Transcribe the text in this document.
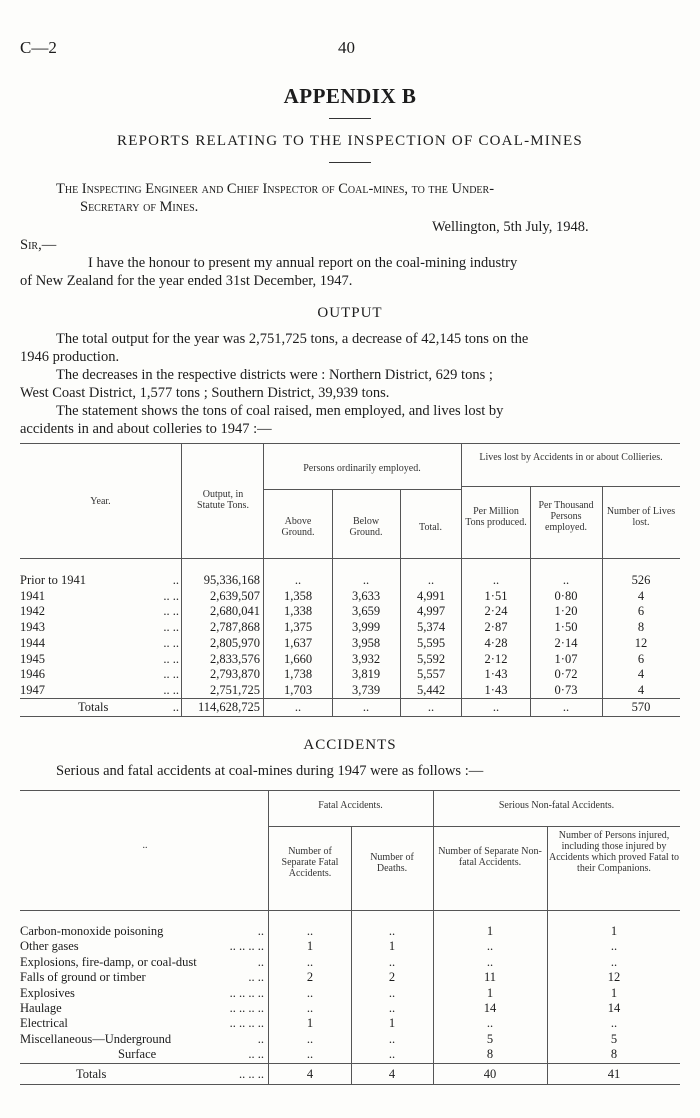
C—2	40
APPENDIX B
REPORTS RELATING TO THE INSPECTION OF COAL-MINES
The Inspecting Engineer and Chief Inspector of Coal-mines, to the Under-
Secretary of Mines.
Wellington, 5th July, 1948.
Sir,—
I have the honour to present my annual report on the coal-mining industry
of New Zealand for the year ended 31st December, 1947.
OUTPUT
The total output for the year was 2,751,725 tons, a decrease of 42,145 tons on the
1946 production.
The decreases in the respective districts were : Northern District, 629 tons ;
West Coast District, 1,577 tons ; Southern District, 39,939 tons.
The statement shows the tons of coal raised, men employed, and lives lost by
accidents in and about colleries to 1947 :—
Year.
Output, in Statute Tons.
Persons ordinarily employed.
Above Ground.
Below Ground.	Total.
Lives lost by Accidents in or about Collieries.
Per Million Tons produced.
Per Thousand Persons employed.
Number of Lives lost.
Prior to 1941	..	95,336,168	..	..	..	..	..	526
1941	.. ..	2,639,507	1,358	3,633	4,991	1·51	0·80	4
1942	.. ..	2,680,041	1,338	3,659	4,997	2·24	1·20	6
1943	.. ..	2,787,868	1,375	3,999	5,374	2·87	1·50	8
1944	.. ..	2,805,970	1,637	3,958	5,595	4·28	2·14	12
1945	.. ..	2,833,576	1,660	3,932	5,592	2·12	1·07	6
1946	.. ..	2,793,870	1,738	3,819	5,557	1·43	0·72	4
1947	.. ..	2,751,725	1,703	3,739	5,442	1·43	0·73	4
Totals	..	114,628,725	..	..	..	..	..	570
ACCIDENTS
Serious and fatal accidents at coal-mines during 1947 were as follows :—
..
Fatal Accidents.	Serious Non-fatal Accidents.
Number of Separate Fatal Accidents.
Number of Deaths.
Number of Separate Non-fatal Accidents.
Number of Persons injured, including those injured by Accidents which proved Fatal to their Companions.
Carbon-monoxide poisoning	..	..	..	1	1
Other gases	.. .. .. ..	1	1	..	..
Explosions, fire-damp, or coal-dust	..	..	..	..	..
Falls of ground or timber	.. ..	2	2	11	12
Explosives	.. .. .. ..	..	..	1	1
Haulage	.. .. .. ..	..	..	14	14
Electrical	.. .. .. ..	1	1	..	..
Miscellaneous—Underground	..	..	..	5	5
Surface	.. ..	..	..	8	8
Totals	.. .. ..	4	4	40	41
